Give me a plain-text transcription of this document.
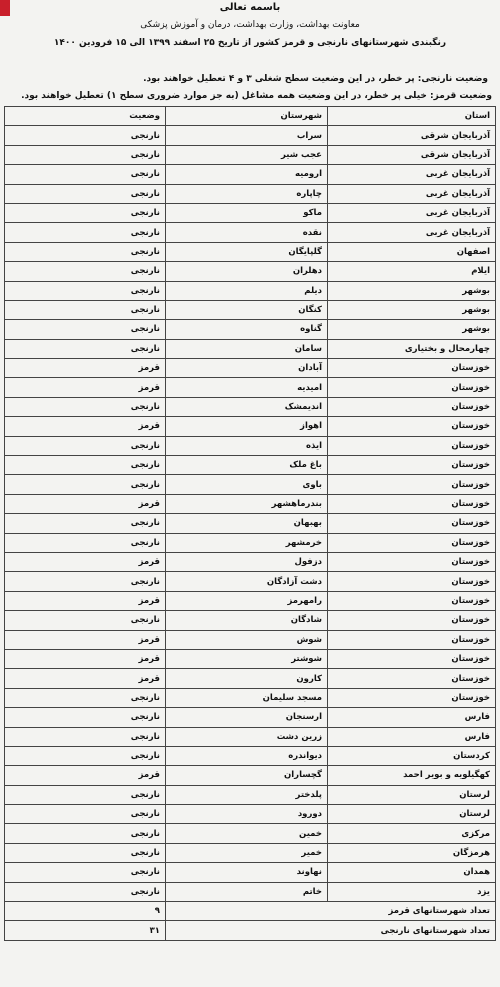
باسمه تعالی
معاونت بهداشت، وزارت بهداشت، درمان و آموزش پزشکی
رنگبندی شهرستانهای نارنجی و قرمز کشور از تاریخ ۲۵ اسفند ۱۳۹۹ الی ۱۵ فرودین ۱۴۰۰
وضعیت نارنجی: پر خطر، در این وضعیت سطح شغلی ۳ و ۴ تعطیل خواهند بود.
وضعیت قرمز: خیلی پر خطر، در این وضعیت همه مشاغل (به جز موارد ضروری سطح ۱) تعطیل خواهند بود.
استان	شهرستان	وضعیت
آذربایجان شرقی	سراب	نارنجی
آذربایجان شرقی	عجب شیر	نارنجی
آذربایجان غربی	ارومیه	نارنجی
آذربایجان غربی	چاپاره	نارنجی
آذربایجان غربی	ماکو	نارنجی
آذربایجان غربی	نقده	نارنجی
اصفهان	گلپایگان	نارنجی
ایلام	دهلران	نارنجی
بوشهر	دیلم	نارنجی
بوشهر	کنگان	نارنجی
بوشهر	گناوه	نارنجی
چهارمحال و بختیاری	سامان	نارنجی
خوزستان	آبادان	قرمز
خوزستان	امیدیه	قرمز
خوزستان	اندیمشک	نارنجی
خوزستان	اهواز	قرمز
خوزستان	ایذه	نارنجی
خوزستان	باغ ملک	نارنجی
خوزستان	باوی	نارنجی
خوزستان	بندرماهشهر	قرمز
خوزستان	بهبهان	نارنجی
خوزستان	خرمشهر	نارنجی
خوزستان	دزفول	قرمز
خوزستان	دشت آزادگان	نارنجی
خوزستان	رامهرمز	قرمز
خوزستان	شادگان	نارنجی
خوزستان	شوش	قرمز
خوزستان	شوشتر	قرمز
خوزستان	کارون	قرمز
خوزستان	مسجد سلیمان	نارنجی
فارس	ارسنجان	نارنجی
فارس	زرین دشت	نارنجی
کردستان	دیواندره	نارنجی
کهگیلویه و بویر احمد	گچساران	قرمز
لرستان	پلدختر	نارنجی
لرستان	دورود	نارنجی
مرکزی	خمین	نارنجی
هرمزگان	خمیر	نارنجی
همدان	نهاوند	نارنجی
یزد	خاتم	نارنجی
تعداد شهرستانهای قرمز		۹
تعداد شهرستانهای نارنجی		۳۱
